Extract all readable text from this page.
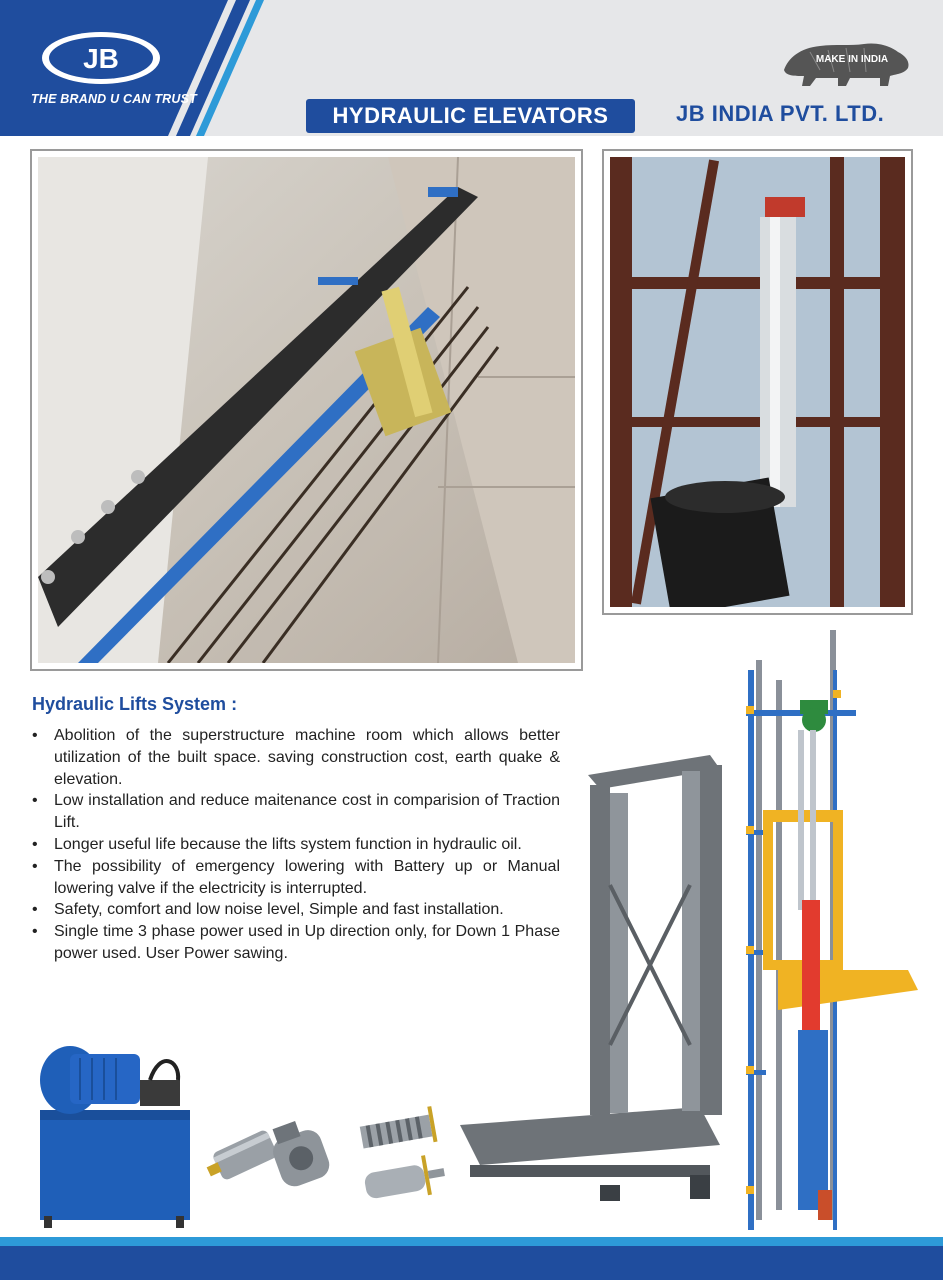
JB
THE BRAND U CAN TRUST
MAKE IN INDIA
HYDRAULIC ELEVATORS	JB INDIA PVT. LTD.
Hydraulic Lifts System :
• Abolition of the superstructure machine room which allows better utilization of the built space. saving construction cost, earth quake & elevation.
• Low installation and reduce maitenance cost in comparision of Traction Lift.
• Longer useful life because the lifts system function in hydraulic oil.
• The possibility of emergency lowering with Battery up or Manual lowering valve if the electricity is interrupted.
• Safety, comfort and low noise level, Simple and fast installation.
• Single time 3 phase power used in Up direction only, for Down 1 Phase power used. User Power sawing.
